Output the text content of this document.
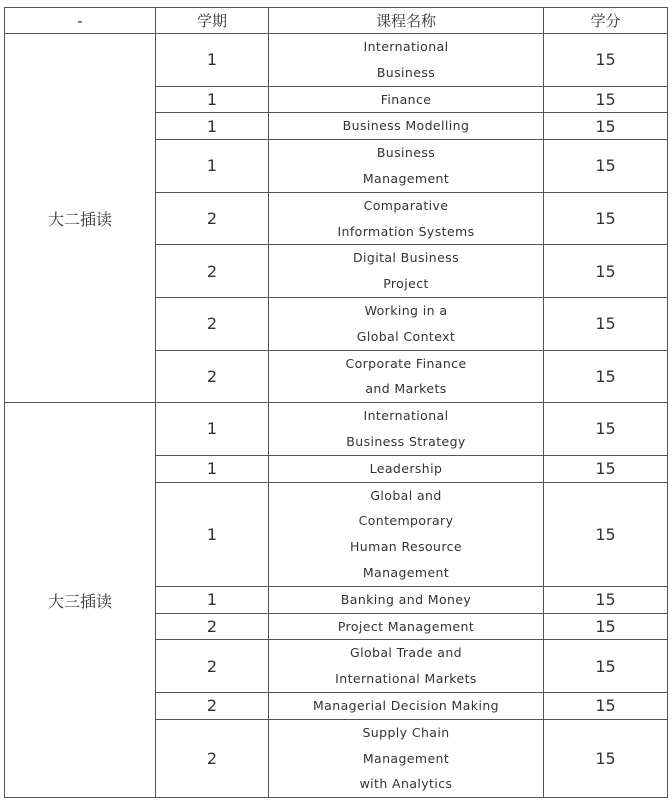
-	学期	课程名称	学分
大二插读	1	International
Business	15
	1	Finance	15
	1	Business Modelling	15
	1	Business
Management	15
	2	Comparative
Information Systems	15
	2	Digital Business
Project	15
	2	Working in a
Global Context	15
	2	Corporate Finance
and Markets	15
大三插读	1	International
Business Strategy	15
	1	Leadership	15
	1	Global and
Contemporary
Human Resource
Management	15
	1	Banking and Money	15
	2	Project Management	15
	2	Global Trade and
International Markets	15
	2	Managerial Decision Making	15
	2	Supply Chain
Management
with Analytics	15
